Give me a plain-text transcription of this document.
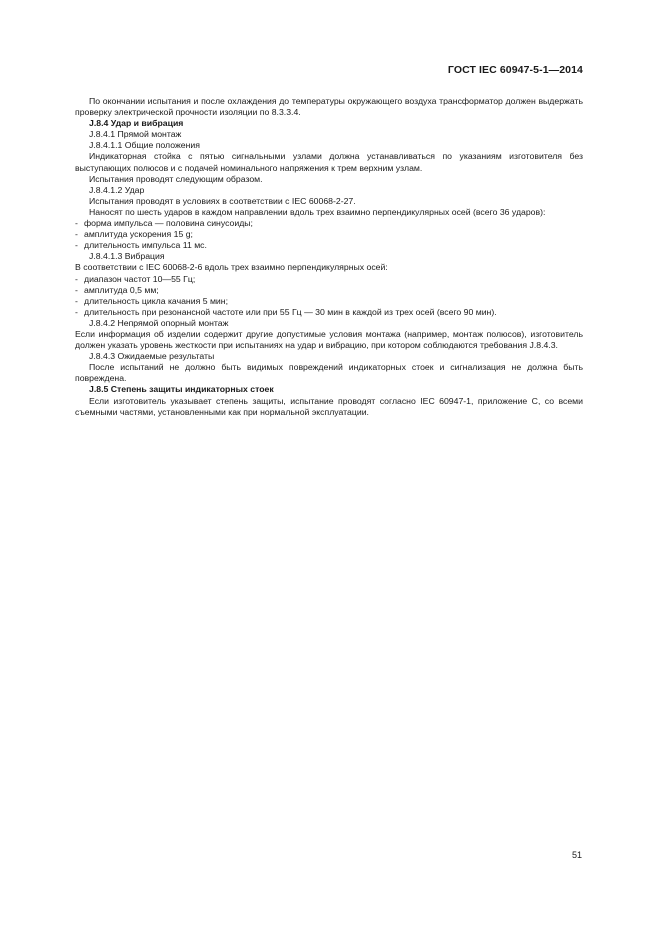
ГОСТ IEC 60947-5-1—2014

По окончании испытания и после охлаждения до температуры окружающего воздуха трансформатор должен выдержать проверку электрической прочности изоляции по 8.3.3.4.

J.8.4 Удар и вибрация

J.8.4.1 Прямой монтаж

J.8.4.1.1 Общие положения

Индикаторная стойка с пятью сигнальными узлами должна устанавливаться по указаниям изготовителя без выступающих полюсов и с подачей номинального напряжения к трем верхним узлам.

Испытания проводят следующим образом.

J.8.4.1.2 Удар

Испытания проводят в условиях в соответствии с IEC 60068-2-27.

Наносят по шесть ударов в каждом направлении вдоль трех взаимно перпендикулярных осей (всего 36 ударов):

- форма импульса — половина синусоиды;

- амплитуда ускорения 15 g;

- длительность импульса 11 мс.

J.8.4.1.3 Вибрация

В соответствии с IEC 60068-2-6 вдоль трех взаимно перпендикулярных осей:

- диапазон частот 10—55 Гц;

- амплитуда 0,5 мм;

- длительность цикла качания 5 мин;

- длительность при резонансной частоте или при 55 Гц — 30 мин в каждой из трех осей (всего 90 мин).

J.8.4.2 Непрямой опорный монтаж

Если информация об изделии содержит другие допустимые условия монтажа (например, монтаж полюсов), изготовитель должен указать уровень жесткости при испытаниях на удар и вибрацию, при котором соблюдаются требования J.8.4.3.

J.8.4.3 Ожидаемые результаты

После испытаний не должно быть видимых повреждений индикаторных стоек и сигнализация не должна быть повреждена.

J.8.5 Степень защиты индикаторных стоек

Если изготовитель указывает степень защиты, испытание проводят согласно IEC 60947-1, приложение C, со всеми съемными частями, установленными как при нормальной эксплуатации.

51
